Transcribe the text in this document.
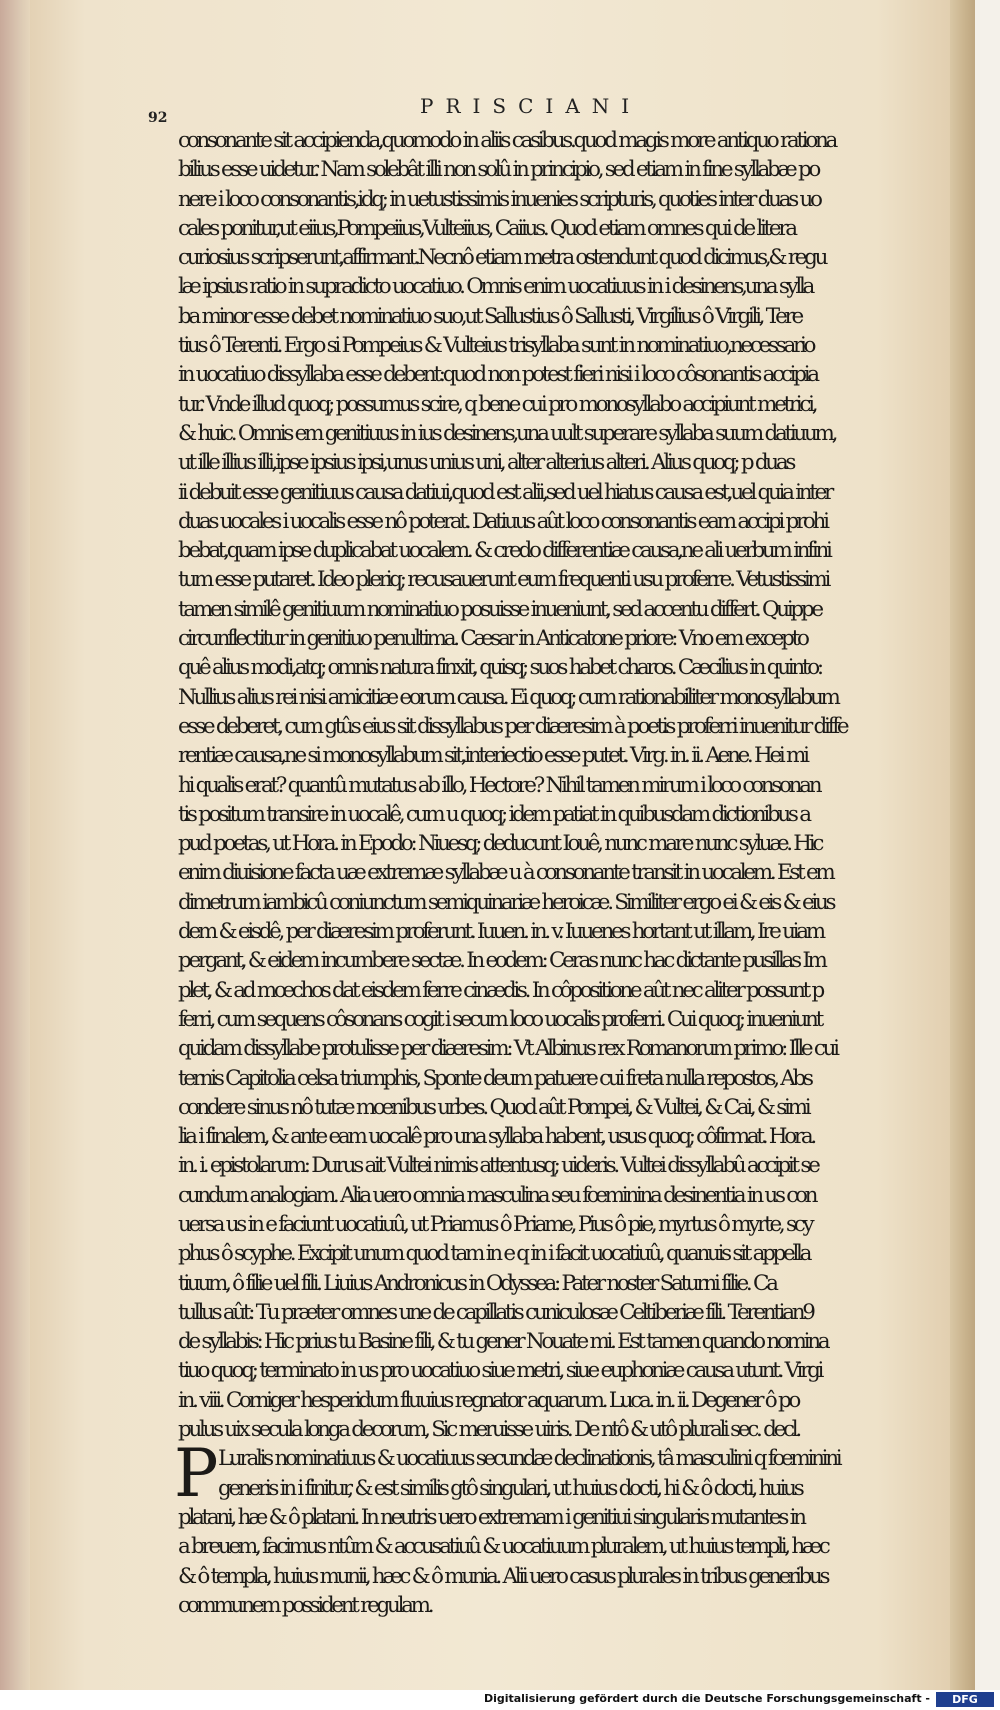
92	PRISCIANI
consonante sit accipienda,quomodo in aliis casibus.quod magis more antiquo rationa
bilius esse uidetur. Nam solebât illi non solû in principio, sed etiam in fine syllabæ po
nere i loco consonantis,idq; in uetustissimis inuenies scripturis, quoties inter duas uo
cales ponitur,ut eiius,Pompeiius,Vulteiius, Caiius. Quod etiam omnes qui de litera
curiosius scripserunt,affirmant.Necnô etiam metra ostendunt quod dicimus,& regu
læ ipsius ratio in supradicto uocatiuo. Omnis enim uocatiuus in i desinens,una sylla
ba minor esse debet nominatiuo suo,ut Sallustius ô Sallusti, Virgilius ô Virgili, Tere
tius ô Terenti. Ergo si Pompeius & Vulteius trisyllaba sunt in nominatiuo,necessario
in uocatiuo dissyllaba esse debent:quod non potest fieri nisi i loco côsonantis accipia
tur. Vnde illud quoq; possumus scire, q bene cui pro monosyllabo accipiunt metrici,
& huic. Omnis em genitiuus in ius desinens,una uult superare syllaba suum datiuum,
ut ille illius illi,ipse ipsius ipsi,unus unius uni, alter alterius alteri. Alius quoq; p duas
ii debuit esse genitiuus causa datiui,quod est alii,sed uel hiatus causa est,uel quia inter
duas uocales i uocalis esse nô poterat. Datiuus aût loco consonantis eam accipi prohi
bebat,quam ipse duplicabat uocalem. & credo differentiæ causa,ne ali uerbum infini
tum esse putaret. Ideo pleriq; recusauerunt eum frequenti usu proferre. Vetustissimi
tamen similê genitiuum nominatiuo posuisse inueniunt, sed accentu differt. Quippe
circunflectitur in genitiuo penultima. Cæsar in Anticatone priore: Vno em excepto
quê alius modi,atq; omnis natura finxit, quisq; suos habet charos. Cæcilius in quinto:
Nullius alius rei nisi amicitiæ eorum causa. Ei quoq; cum rationabiliter monosyllabum
esse deberet, cum gtûs eius sit dissyllabus per diæresim à poetis proferri inuenitur diffe
rentiæ causa,ne si monosyllabum sit,interiectio esse putet. Virg. in. ii. Aene. Hei mi
hi qualis erat? quantû mutatus ab illo, Hectore? Nihil tamen mirum i loco consonan
tis positum transire in uocalê, cum u quoq; idem patiat in quibusdam dictionibus a
pud poetas, ut Hora. in Epodo: Niuesq; deducunt Iouê, nunc mare nunc syluæ. Hic
enim diuisione facta uæ extremæ syllabæ u à consonante transit in uocalem. Est em
dimetrum iambicû coniunctum semiquinariæ heroicæ. Similiter ergo ei & eis & eius
dem & eisdê, per diæresim proferunt. Iuuen. in. v. Iuuenes hortant ut illam, Ire uiam
pergant, & eidem incumbere sectæ. In eodem: Ceras nunc hac dictante pusillas Im
plet, & ad mœchos dat eisdem ferre cinædis. In côpositione aût nec aliter possunt p
ferri, cum sequens côsonans cogit i secum loco uocalis proferri. Cui quoq; inueniunt
quidam dissyllabe protulisse per diæresim: Vt Albinus rex Romanorum primo: Ille cui
ternis Capitolia celsa triumphis, Sponte deum patuere cui freta nulla repostos, Abs
condere sinus nô tutæ mœnibus urbes. Quod aût Pompei, & Vultei, & Cai, & simi
lia i finalem, & ante eam uocalê pro una syllaba habent, usus quoq; côfirmat. Hora.
in. i. epistolarum: Durus ait Vultei nimis attentusq; uideris. Vultei dissyllabû accipit se
cundum analogiam. Alia uero omnia masculina seu fœminina desinentia in us con
uersa us in e faciunt uocatiuû, ut Priamus ô Priame, Pius ô pie, myrtus ô myrte, scy
phus ô scyphe. Excipit unum quod tam in e q in i facit uocatiuû, quanuis sit appella
tiuum, ô filie uel fili. Liuius Andronicus in Odyssea: Pater noster Saturni filie. Ca
tullus aût: Tu præter omnes une de capillatis cuniculosæ Celtiberiæ fili. Terentian9
de syllabis: Hic prius tu Basine fili, & tu gener Nouate mi. Est tamen quando nomina
tiuo quoq; terminato in us pro uocatiuo siue metri, siue euphoniæ causa utunt. Virgi
in. viii. Corniger hesperidum fluuius regnator aquarum. Luca. in. ii. Degener ô po
pulus uix secula longa decorum, Sic meruisse uiris. De ntô & utô plurali sec. decl.
P Luralis nominatiuus & uocatiuus secundæ declinationis, tâ masculini q fœminini
generis in i finitur, & est similis gtô singulari, ut huius docti, hi & ô docti, huius
platani, hæ & ô platani. In neutris uero extremam i genitiui singularis mutantes in
a breuem, facimus ntûm & accusatiuû & uocatiuum pluralem, ut huius templi, hæc
& ô templa, huius munii, hæc & ô munia. Alii uero casus plurales in tribus generibus
communem possident regulam.
Digitalisierung gefördert durch die Deutsche Forschungsgemeinschaft -	DFG
